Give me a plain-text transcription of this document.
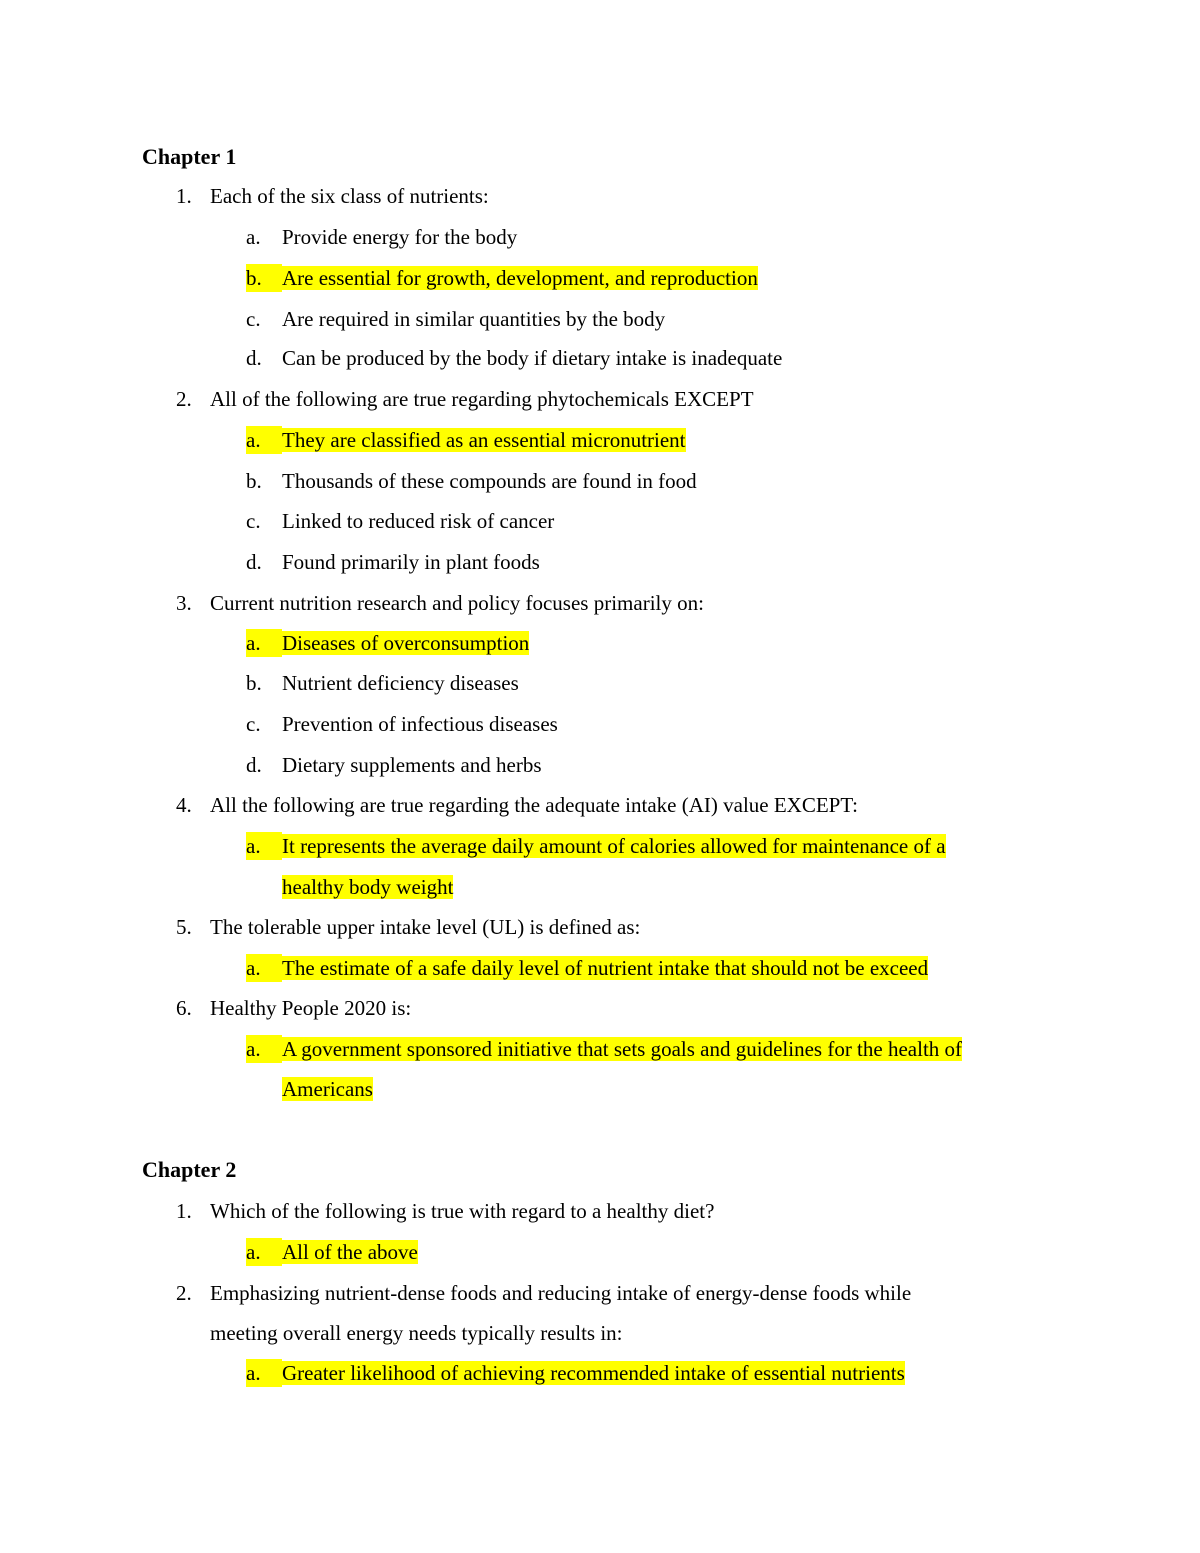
Chapter 1
1. Each of the six class of nutrients:
a. Provide energy for the body
b. Are essential for growth, development, and reproduction
c. Are required in similar quantities by the body
d. Can be produced by the body if dietary intake is inadequate
2. All of the following are true regarding phytochemicals EXCEPT
a. They are classified as an essential micronutrient
b. Thousands of these compounds are found in food
c. Linked to reduced risk of cancer
d. Found primarily in plant foods
3. Current nutrition research and policy focuses primarily on:
a. Diseases of overconsumption
b. Nutrient deficiency diseases
c. Prevention of infectious diseases
d. Dietary supplements and herbs
4. All the following are true regarding the adequate intake (AI) value EXCEPT:
a. It represents the average daily amount of calories allowed for maintenance of a
healthy body weight
5. The tolerable upper intake level (UL) is defined as:
a. The estimate of a safe daily level of nutrient intake that should not be exceed
6. Healthy People 2020 is:
a. A government sponsored initiative that sets goals and guidelines for the health of
Americans
Chapter 2
1. Which of the following is true with regard to a healthy diet?
a. All of the above
2. Emphasizing nutrient-dense foods and reducing intake of energy-dense foods while
meeting overall energy needs typically results in:
a. Greater likelihood of achieving recommended intake of essential nutrients
